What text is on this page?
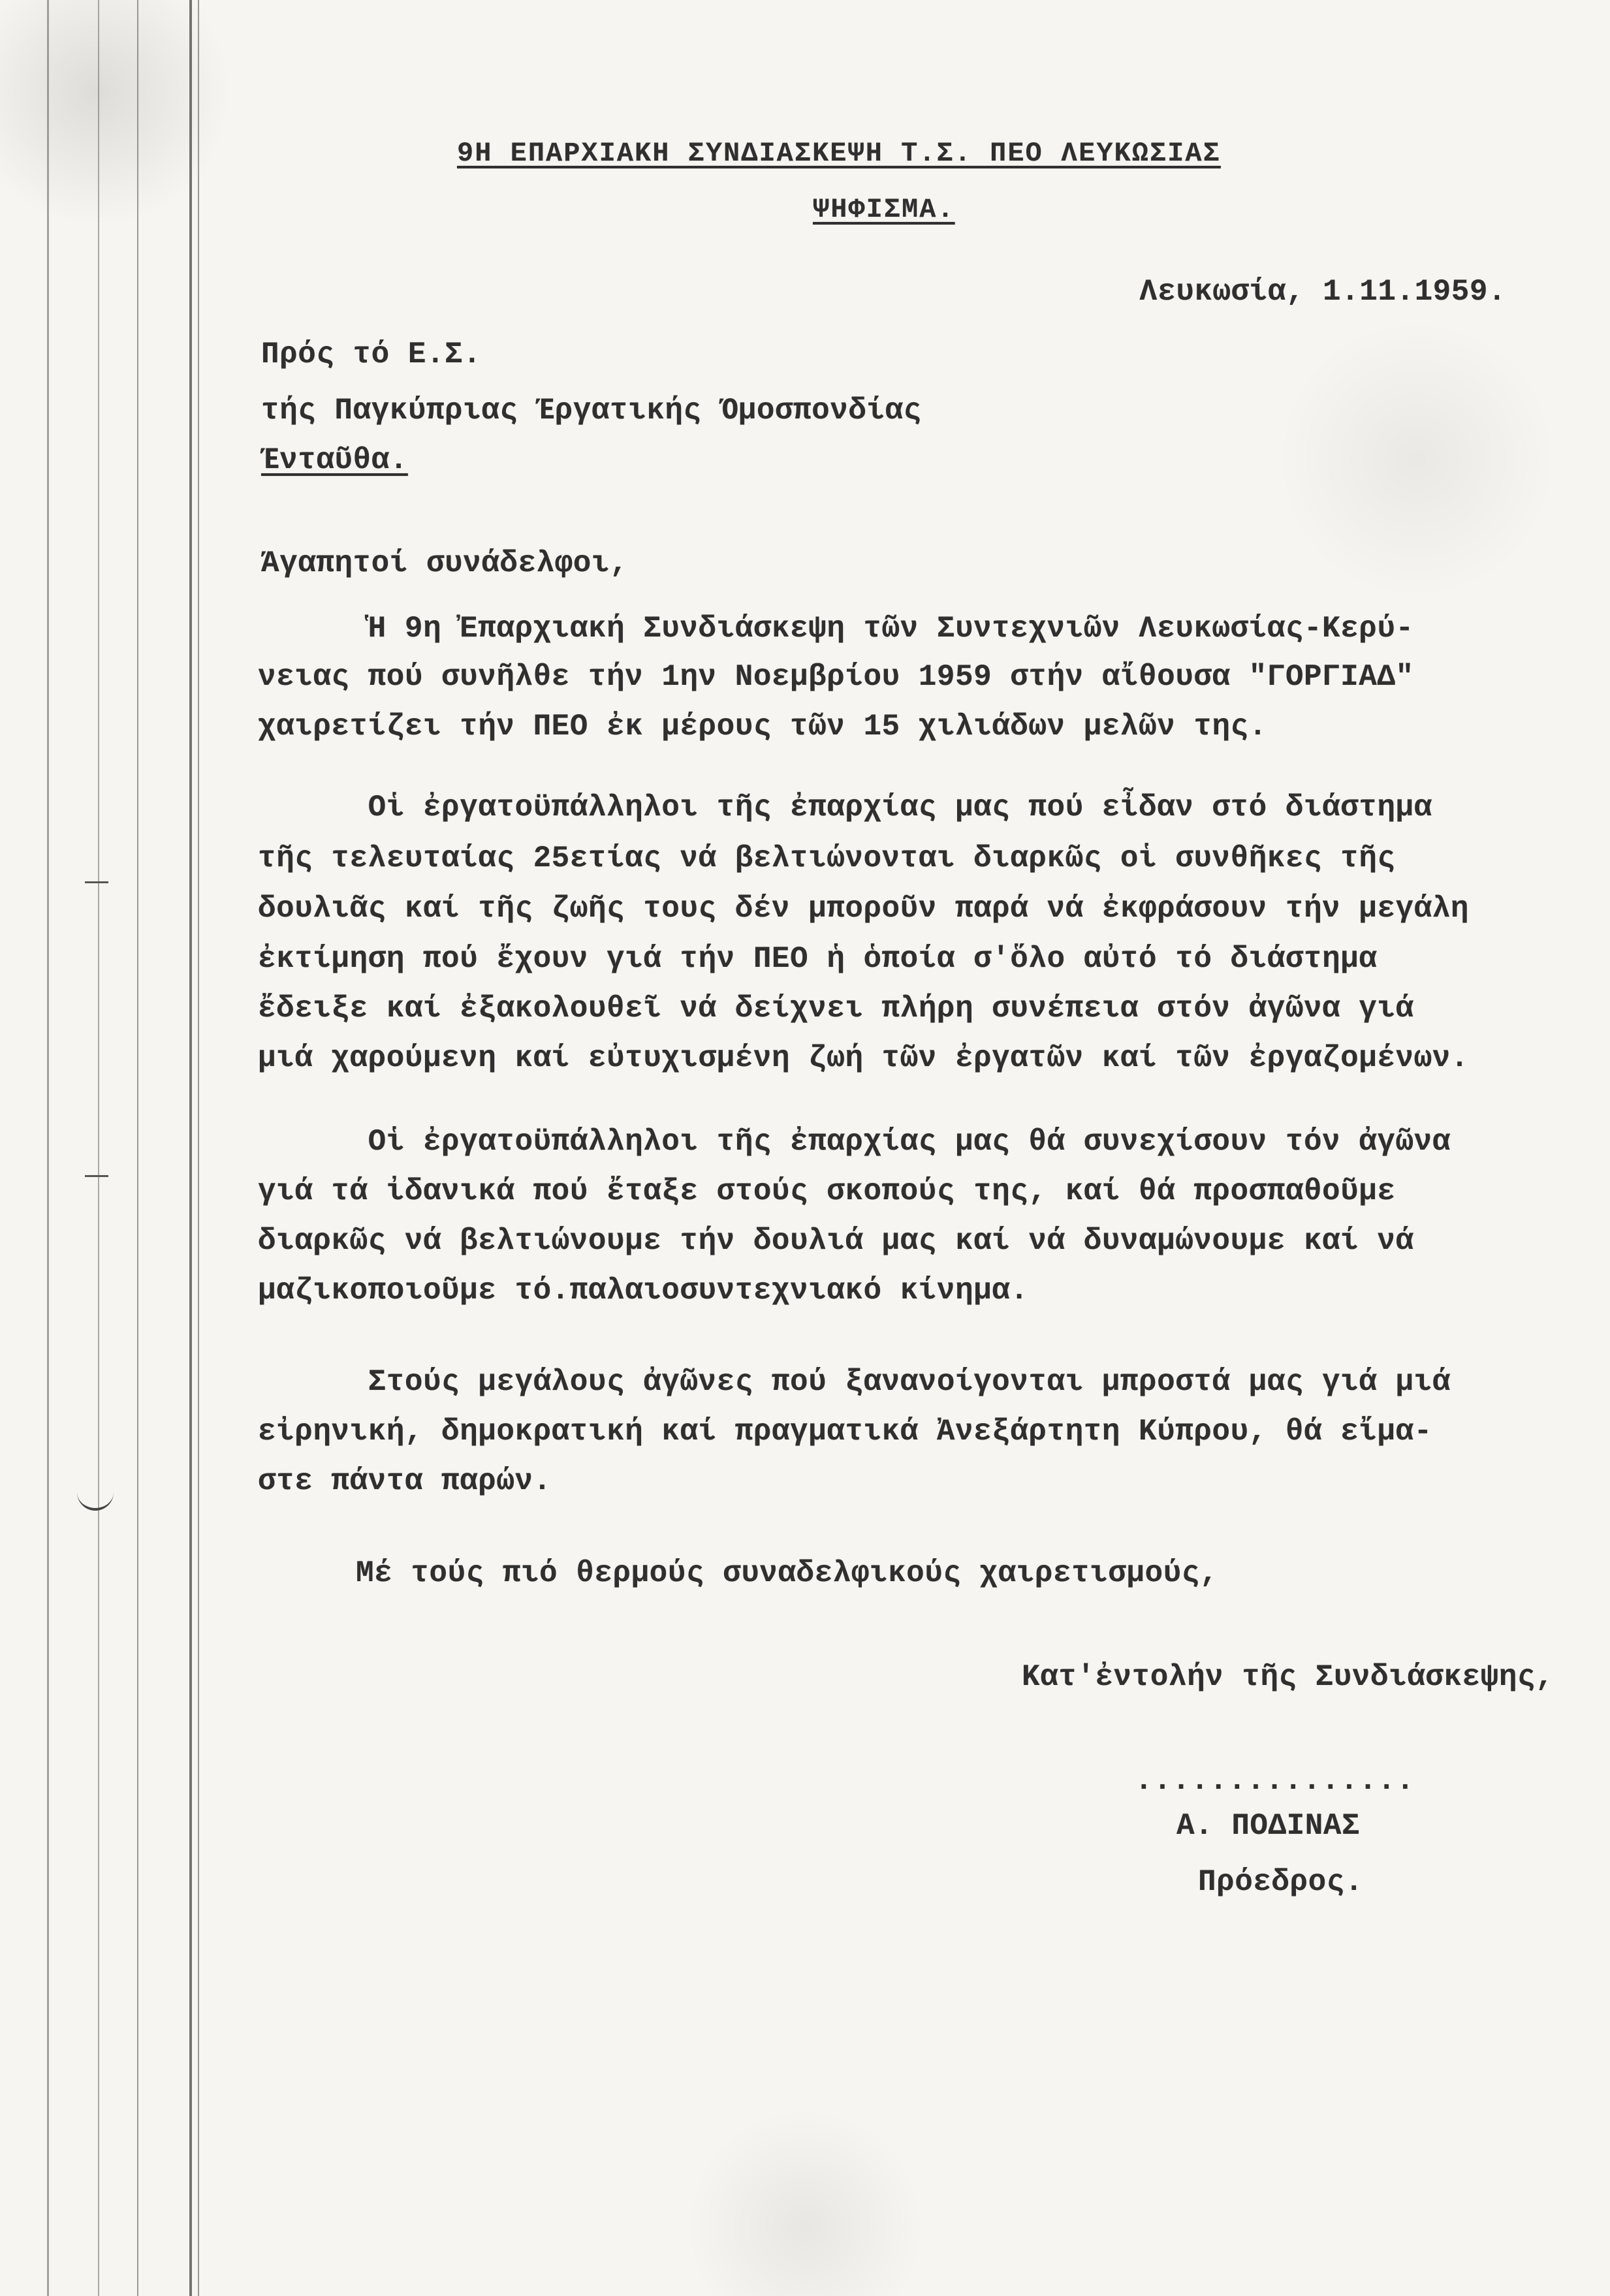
9Η ΕΠΑΡΧΙΑΚΗ ΣΥΝΔΙΑΣΚΕΨΗ Τ.Σ. ΠΕΟ ΛΕΥΚΩΣΙΑΣ
ΨΗΦΙΣΜΑ.
Λευκωσία, 1.11.1959.
Πρός τό Ε.Σ.
τής Παγκύπριας Έργατικής Όμοσπονδίας
Ένταῦθα.
Άγαπητοί συνάδελφοι,
Ἡ 9η Ἐπαρχιακή Συνδιάσκεψη τῶν Συντεχνιῶν Λευκωσίας-Κερύ-
νειας πού συνῆλθε τήν 1ην Νοεμβρίου 1959 στήν αἴθουσα "ΓΟΡΓΙΑΔ"
χαιρετίζει τήν ΠΕΟ ἐκ μέρους τῶν 15 χιλιάδων μελῶν της.
Οἱ ἐργατοϋπάλληλοι τῆς ἐπαρχίας μας πού εἶδαν στό διάστημα
τῆς τελευταίας 25ετίας νά βελτιώνονται διαρκῶς οἱ συνθῆκες τῆς
δουλιᾶς καί τῆς ζωῆς τους δέν μποροῦν παρά νά ἐκφράσουν τήν μεγάλη
ἐκτίμηση πού ἔχουν γιά τήν ΠΕΟ ἡ ὁποία σ'ὅλο αὐτό τό διάστημα
ἔδειξε καί ἐξακολουθεῖ νά δείχνει πλήρη συνέπεια στόν ἀγῶνα γιά
μιά χαρούμενη καί εὐτυχισμένη ζωή τῶν ἐργατῶν καί τῶν ἐργαζομένων.
Οἱ ἐργατοϋπάλληλοι τῆς ἐπαρχίας μας θά συνεχίσουν τόν ἀγῶνα
γιά τά ἰδανικά πού ἔταξε στούς σκοπούς της, καί θά προσπαθοῦμε
διαρκῶς νά βελτιώνουμε τήν δουλιά μας καί νά δυναμώνουμε καί νά
μαζικοποιοῦμε τό.παλαιοσυντεχνιακό κίνημα.
Στούς μεγάλους ἀγῶνες πού ξανανοίγονται μπροστά μας γιά μιά
εἰρηνική, δημοκρατική καί πραγματικά Ἀνεξάρτητη Κύπρου, θά εἴμα-
στε πάντα παρών.
Μέ τούς πιό θερμούς συναδελφικούς χαιρετισμούς,
Κατ'ἐντολήν τῆς Συνδιάσκεψης,
...............
Α. ΠΟΔΙΝΑΣ
Πρόεδρος.
